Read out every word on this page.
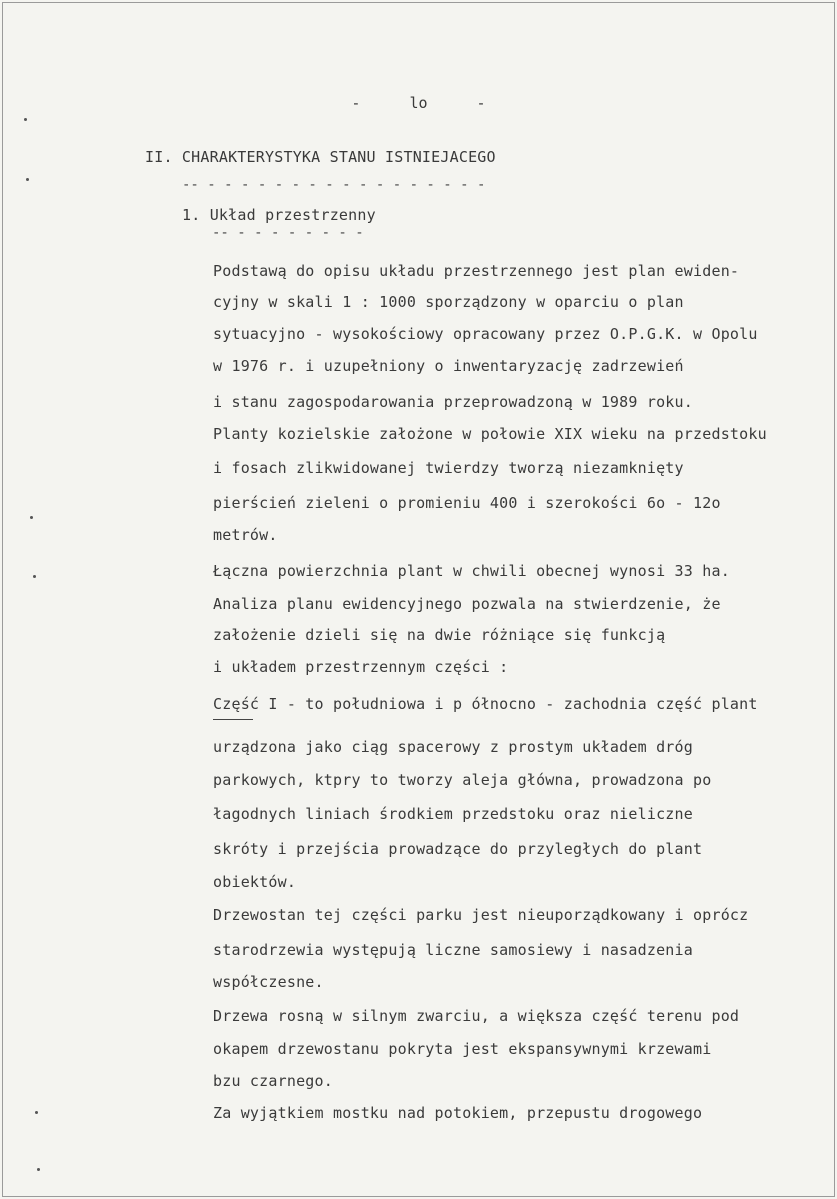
- lo -
II. CHARAKTERYSTYKA STANU ISTNIEJACEGO
-- - - - - - - - - - - - - - - - - -
1. Układ przestrzenny
-- - - - - - - - -
Podstawą do opisu układu przestrzennego jest plan ewiden-
cyjny w skali 1 : 1000 sporządzony w oparciu o plan
sytuacyjno - wysokościowy opracowany przez O.P.G.K. w Opolu
w 1976 r. i uzupełniony o inwentaryzację zadrzewień
i stanu zagospodarowania przeprowadzoną w 1989 roku.
Planty kozielskie założone w połowie XIX wieku na przedstoku
i fosach zlikwidowanej twierdzy tworzą niezamknięty
pierścień zieleni o promieniu 400 i szerokości 6o - 12o
metrów.
Łączna powierzchnia plant w chwili obecnej wynosi 33 ha.
Analiza planu ewidencyjnego pozwala na stwierdzenie, że
założenie dzieli się na dwie różniące się funkcją
i układem przestrzennym części :
Część I - to południowa i p ółnocno - zachodnia część plant
urządzona jako ciąg spacerowy z prostym układem dróg
parkowych, ktpry to tworzy aleja główna, prowadzona po
łagodnych liniach środkiem przedstoku oraz nieliczne
skróty i przejścia prowadzące do przyległych do plant
obiektów.
Drzewostan tej części parku jest nieuporządkowany i oprócz
starodrzewia występują liczne samosiewy i nasadzenia
współczesne.
Drzewa rosną w silnym zwarciu, a większa część terenu pod
okapem drzewostanu pokryta jest ekspansywnymi krzewami
bzu czarnego.
Za wyjątkiem mostku nad potokiem, przepustu drogowego
